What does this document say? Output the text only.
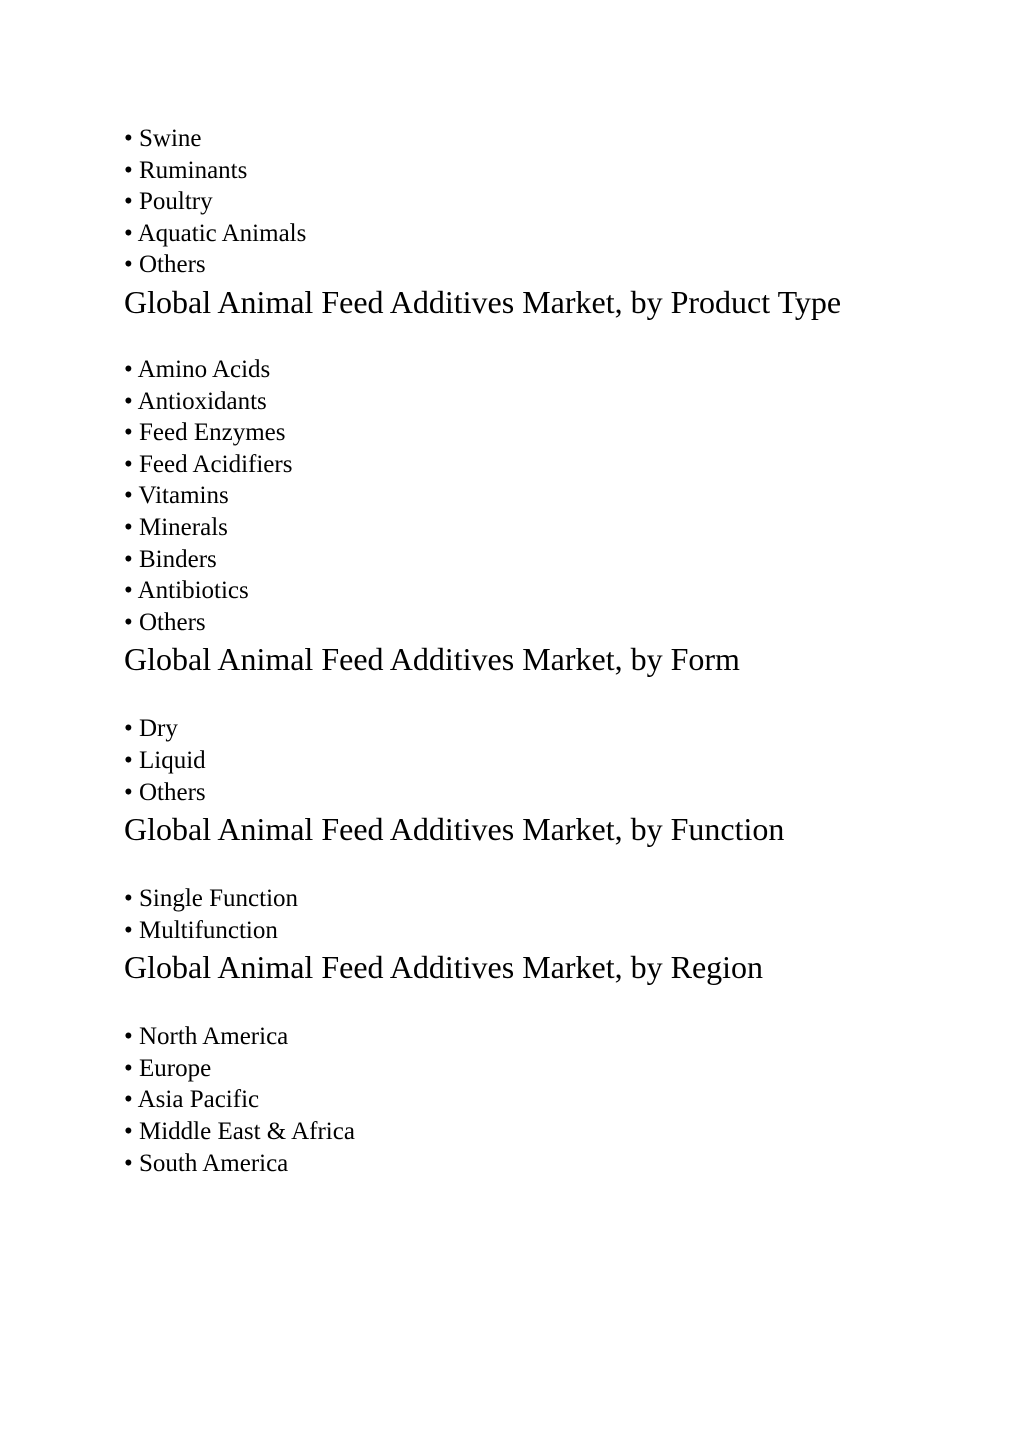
• Swine
• Ruminants
• Poultry
• Aquatic Animals
• Others
Global Animal Feed Additives Market, by Product Type
• Amino Acids
• Antioxidants
• Feed Enzymes
• Feed Acidifiers
• Vitamins
• Minerals
• Binders
• Antibiotics
• Others
Global Animal Feed Additives Market, by Form
• Dry
• Liquid
• Others
Global Animal Feed Additives Market, by Function
• Single Function
• Multifunction
Global Animal Feed Additives Market, by Region
• North America
• Europe
• Asia Pacific
• Middle East & Africa
• South America
